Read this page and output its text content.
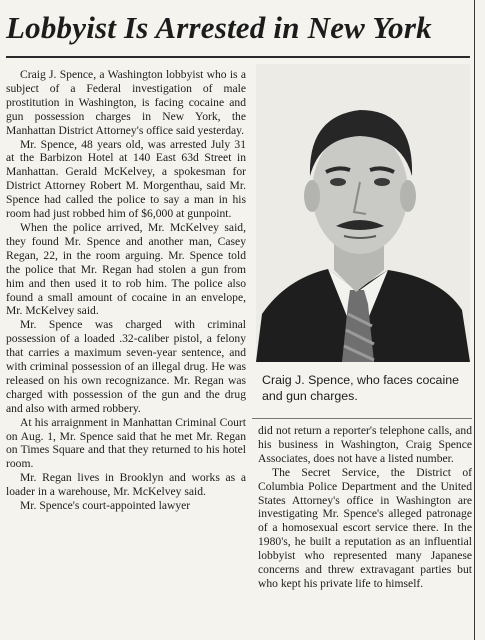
Lobbyist Is Arrested in New York

Craig J. Spence, a Washington lobbyist who is a subject of a Federal investigation of male prostitution in Washington, is facing cocaine and gun possession charges in New York, the Manhattan District Attorney's office said yesterday.

Mr. Spence, 48 years old, was arrested July 31 at the Barbizon Hotel at 140 East 63d Street in Manhattan. Gerald McKelvey, a spokesman for District Attorney Robert M. Morgenthau, said Mr. Spence had called the police to say a man in his room had just robbed him of $6,000 at gunpoint.

When the police arrived, Mr. McKelvey said, they found Mr. Spence and another man, Casey Regan, 22, in the room arguing. Mr. Spence told the police that Mr. Regan had stolen a gun from him and then used it to rob him. The police also found a small amount of cocaine in an envelope, Mr. McKelvey said.

Mr. Spence was charged with criminal possession of a loaded .32-caliber pistol, a felony that carries a maximum seven-year sentence, and with criminal possession of an illegal drug. He was released on his own recognizance. Mr. Regan was charged with possession of the gun and the drug and also with armed robbery.

At his arraignment in Manhattan Criminal Court on Aug. 1, Mr. Spence said that he met Mr. Regan on Times Square and that they returned to his hotel room.

Mr. Regan lives in Brooklyn and works as a loader in a warehouse, Mr. McKelvey said.

Mr. Spence's court-appointed lawyer

Craig J. Spence, who faces cocaine and gun charges.

did not return a reporter's telephone calls, and his business in Washington, Craig Spence Associates, does not have a listed number.

The Secret Service, the District of Columbia Police Department and the United States Attorney's office in Washington are investigating Mr. Spence's alleged patronage of a homosexual escort service there. In the 1980's, he built a reputation as an influential lobbyist who represented many Japanese concerns and threw extravagant parties but who kept his private life to himself.
